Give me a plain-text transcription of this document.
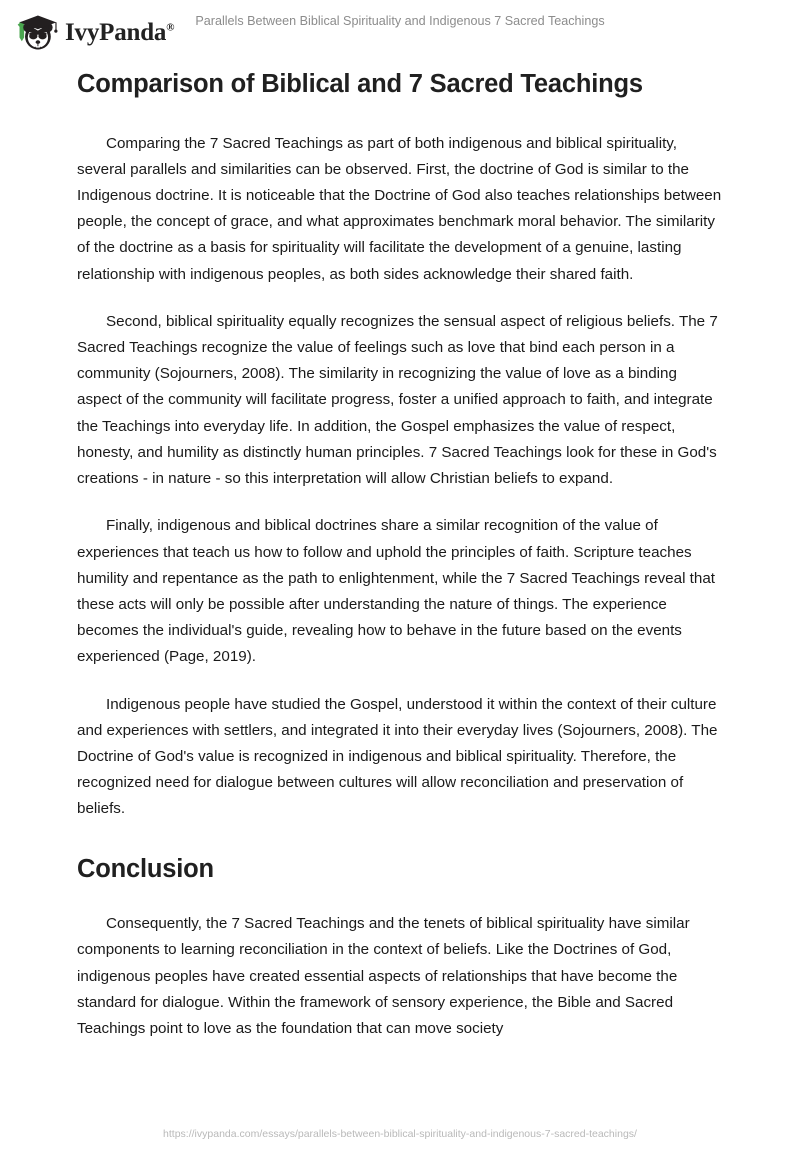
IvyPanda®	Parallels Between Biblical Spirituality and Indigenous 7 Sacred Teachings
Comparison of Biblical and 7 Sacred Teachings

Comparing the 7 Sacred Teachings as part of both indigenous and biblical spirituality, several parallels and similarities can be observed. First, the doctrine of God is similar to the Indigenous doctrine. It is noticeable that the Doctrine of God also teaches relationships between people, the concept of grace, and what approximates benchmark moral behavior. The similarity of the doctrine as a basis for spirituality will facilitate the development of a genuine, lasting relationship with indigenous peoples, as both sides acknowledge their shared faith.

Second, biblical spirituality equally recognizes the sensual aspect of religious beliefs. The 7 Sacred Teachings recognize the value of feelings such as love that bind each person in a community (Sojourners, 2008). The similarity in recognizing the value of love as a binding aspect of the community will facilitate progress, foster a unified approach to faith, and integrate the Teachings into everyday life. In addition, the Gospel emphasizes the value of respect, honesty, and humility as distinctly human principles. 7 Sacred Teachings look for these in God's creations - in nature - so this interpretation will allow Christian beliefs to expand.

Finally, indigenous and biblical doctrines share a similar recognition of the value of experiences that teach us how to follow and uphold the principles of faith. Scripture teaches humility and repentance as the path to enlightenment, while the 7 Sacred Teachings reveal that these acts will only be possible after understanding the nature of things. The experience becomes the individual's guide, revealing how to behave in the future based on the events experienced (Page, 2019).

Indigenous people have studied the Gospel, understood it within the context of their culture and experiences with settlers, and integrated it into their everyday lives (Sojourners, 2008). The Doctrine of God's value is recognized in indigenous and biblical spirituality. Therefore, the recognized need for dialogue between cultures will allow reconciliation and preservation of beliefs.

Conclusion

Consequently, the 7 Sacred Teachings and the tenets of biblical spirituality have similar components to learning reconciliation in the context of beliefs. Like the Doctrines of God, indigenous peoples have created essential aspects of relationships that have become the standard for dialogue. Within the framework of sensory experience, the Bible and Sacred Teachings point to love as the foundation that can move society

https://ivypanda.com/essays/parallels-between-biblical-spirituality-and-indigenous-7-sacred-teachings/
